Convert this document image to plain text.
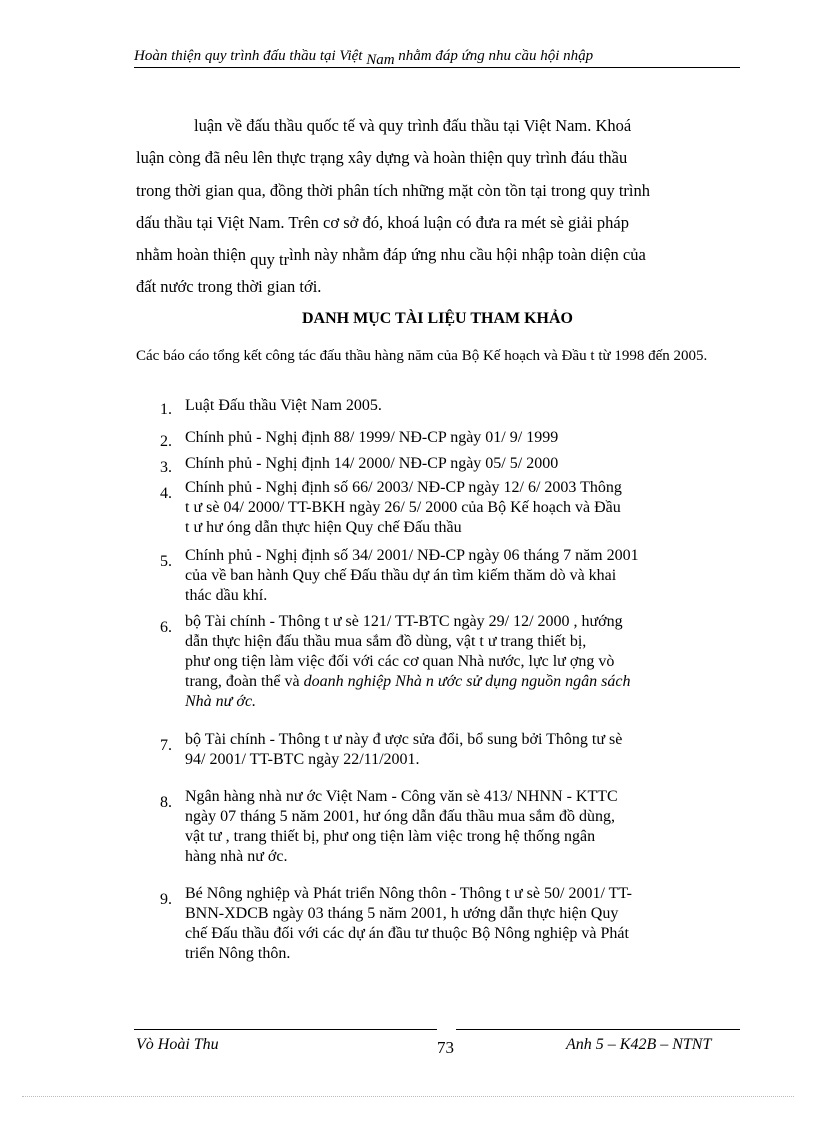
Hoàn thiện quy trình đấu thầu tại Việt Nam nhằm đáp ứng nhu cầu hội nhập
luận về đấu thầu quốc tế và quy trình đấu thầu tại Việt Nam. Khoá
luận còng đã nêu lên thực trạng xây dựng và hoàn thiện quy trình đáu thầu
trong thời gian qua, đồng thời phân tích những mặt còn tồn tại trong quy trình
dấu thầu tại Việt Nam. Trên cơ sở đó, khoá luận có đưa ra mét sè giải pháp
nhằm hoàn thiện quy trình này nhằm đáp ứng nhu cầu hội nhập toàn diện của
đất nước trong thời gian tới.
DANH MỤC TÀI LIỆU THAM KHẢO
Các báo cáo tổng kết công tác đấu thầu hàng năm của Bộ Kế hoạch và Đầu t từ 1998 đến 2005.
1. Luật Đấu thầu Việt Nam 2005.
2. Chính phủ - Nghị định 88/ 1999/ NĐ-CP ngày 01/ 9/ 1999
3. Chính phủ - Nghị định 14/ 2000/ NĐ-CP ngày 05/ 5/ 2000
4. Chính phủ - Nghị định số 66/ 2003/ NĐ-CP ngày 12/ 6/ 2003 Thông
t ư sè 04/ 2000/ TT-BKH ngày 26/ 5/ 2000 của Bộ Kế hoạch và Đầu
t ư hư óng dẫn thực hiện Quy chế Đấu thầu
5. Chính phủ - Nghị định số 34/ 2001/ NĐ-CP ngày 06 tháng 7 năm 2001
của về ban hành Quy chế Đấu thầu dự án tìm kiếm thăm dò và khai
thác dầu khí.
6. bộ Tài chính - Thông t ư sè 121/ TT-BTC ngày 29/ 12/ 2000 , hướng
dẫn thực hiện đấu thầu mua sắm đồ dùng, vật t ư trang thiết bị,
phư ong tiện làm việc đối với các cơ quan Nhà nước, lực lư ợng vò
trang, đoàn thể và doanh nghiệp Nhà n ước sử dụng nguồn ngân sách
Nhà nư ớc.
7. bộ Tài chính - Thông t ư này đ ược sửa đổi, bổ sung bởi Thông tư sè
94/ 2001/ TT-BTC ngày 22/11/2001.
8. Ngân hàng nhà nư ớc Việt Nam - Công văn sè 413/ NHNN - KTTC
ngày 07 tháng 5 năm 2001, hư óng dẫn đấu thầu mua sắm đồ dùng,
vật tư , trang thiết bị, phư ong tiện làm việc trong hệ thống ngân
hàng nhà nư ớc.
9. Bé Nông nghiệp và Phát triển Nông thôn - Thông t ư sè 50/ 2001/ TT-
BNN-XDCB ngày 03 tháng 5 năm 2001, h ướng dẫn thực hiện Quy
chế Đấu thầu đối với các dự án đầu tư thuộc Bộ Nông nghiệp và Phát
triển Nông thôn.
Vò Hoài Thu	73	Anh 5 – K42B – NTNT
